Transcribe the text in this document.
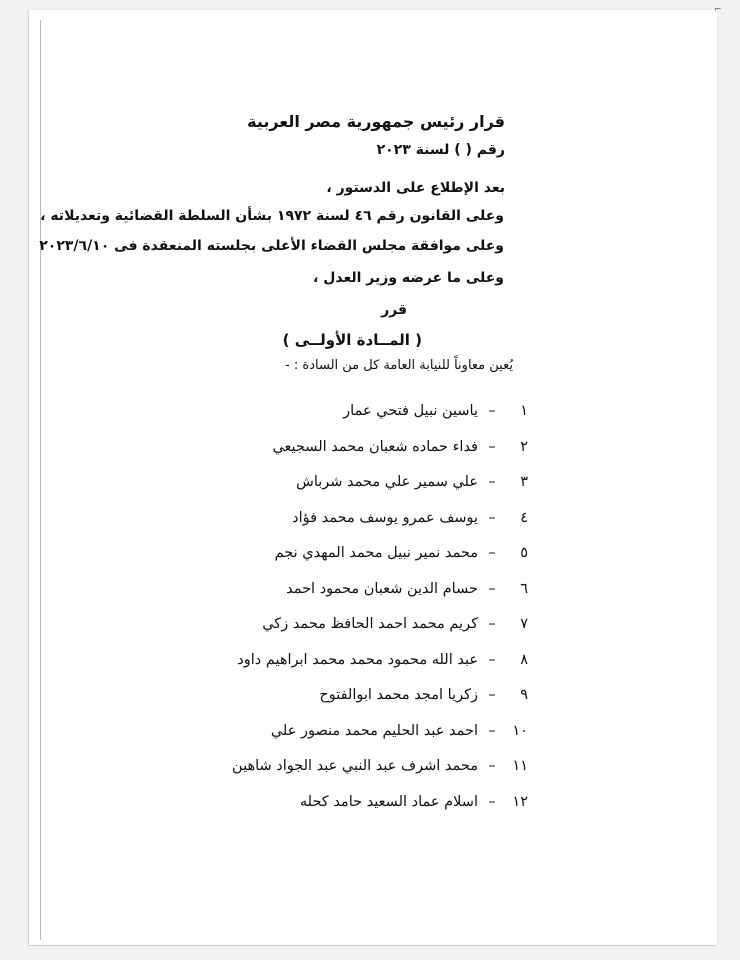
⌐
قرار رئيس جمهورية مصر العربية
رقم ( ) لسنة ٢٠٢٣
بعد الإطلاع على الدستور ،
وعلى القانون رقم ٤٦ لسنة ١٩٧٢ بشأن السلطة القضائية وتعديلاته ،
وعلى موافقة مجلس القضاء الأعلى بجلسته المنعقدة فى ٢٠٢٣/٦/١٠
وعلى ما عرضه وزير العدل ،
قرر
( المــادة الأولــى )
يُعين معاوناً للنيابة العامة كل من السادة : -
١
–
ياسين نبيل فتحي عمار
٢
–
فداء حماده شعبان محمد السجيعي
٣
–
علي سمير علي محمد شرباش
٤
–
يوسف عمرو يوسف محمد فؤاد
٥
–
محمد نمير نبيل محمد المهدي نجم
٦
–
حسام الدين شعبان محمود احمد
٧
–
كريم محمد احمد الحافظ محمد زكي
٨
–
عبد الله محمود محمد محمد ابراهيم داود
٩
–
زكريا امجد محمد ابوالفتوح
١٠
–
احمد عبد الحليم محمد منصور علي
١١
–
محمد اشرف عبد النبي عبد الجواد شاهين
١٢
–
اسلام عماد السعيد حامد كحله
